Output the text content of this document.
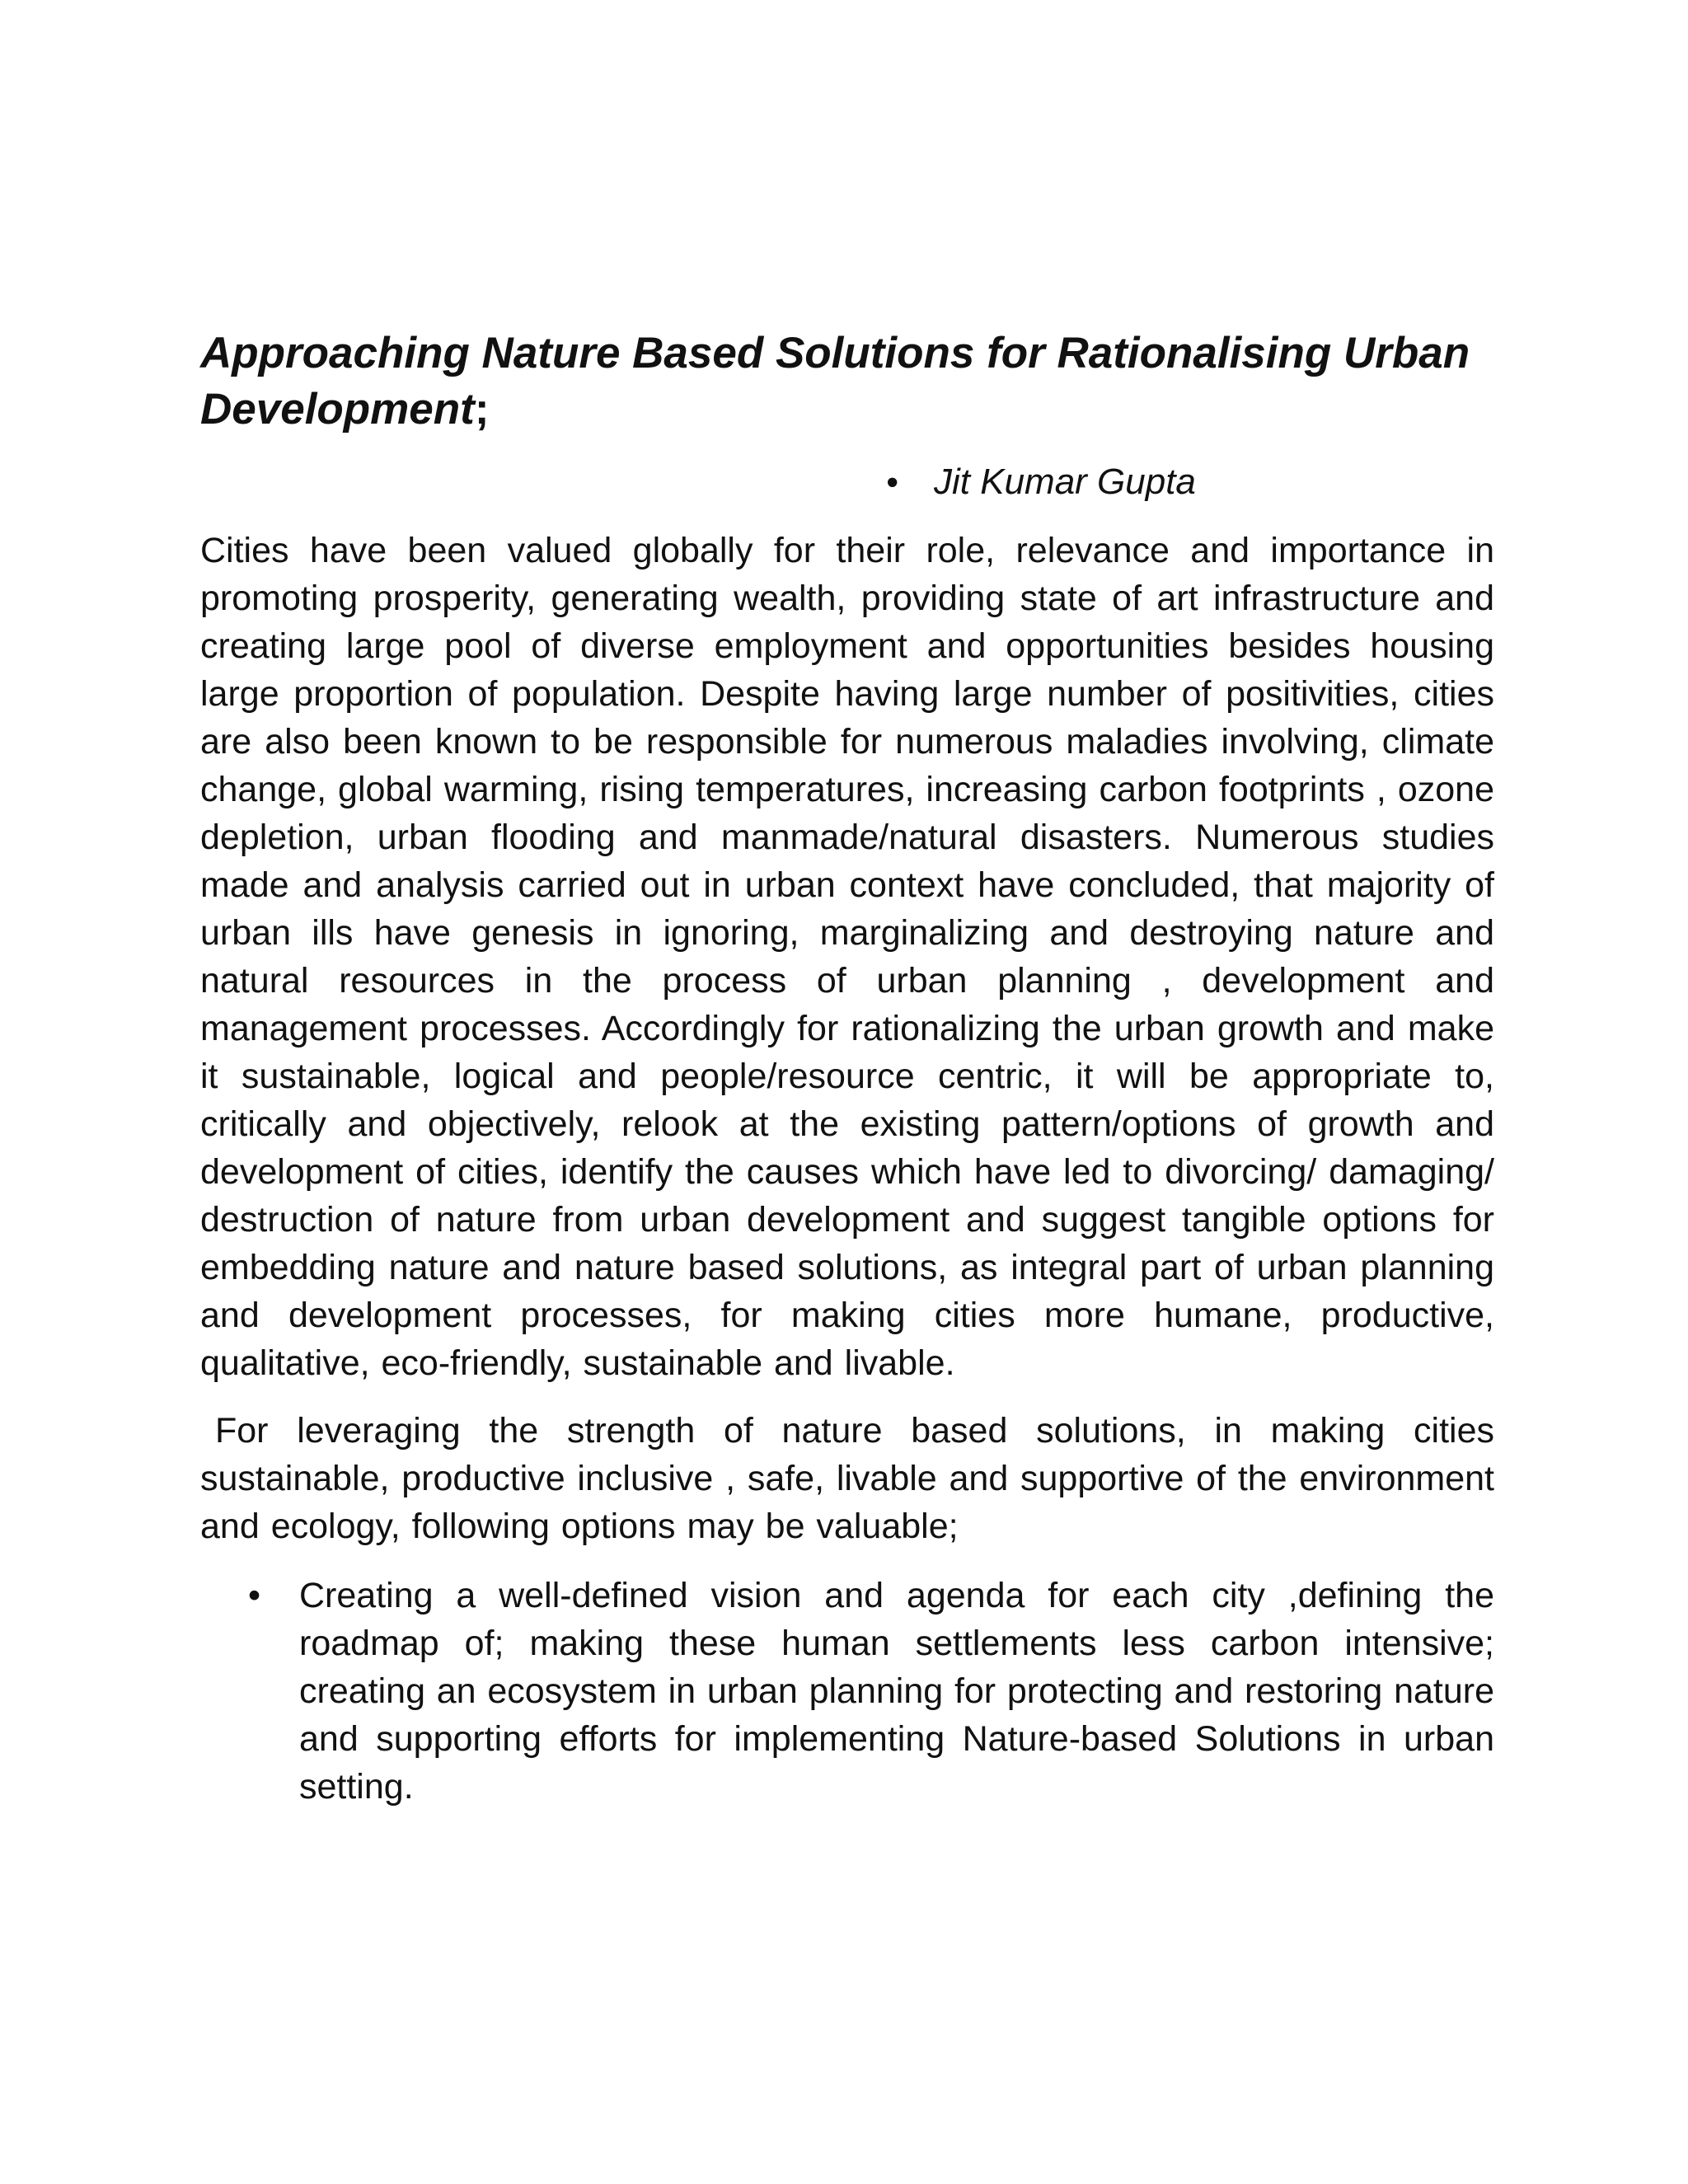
Approaching Nature Based Solutions for Rationalising Urban Development;
• Jit Kumar Gupta

Cities have been valued globally for their role, relevance and importance in promoting prosperity, generating wealth, providing state of art infrastructure and creating large pool of diverse employment and opportunities besides housing large proportion of population. Despite having large number of positivities, cities are also been known to be responsible for numerous maladies involving, climate change, global warming, rising temperatures, increasing carbon footprints , ozone depletion, urban flooding and manmade/natural disasters. Numerous studies made and analysis carried out in urban context have concluded, that majority of urban ills have genesis in ignoring, marginalizing and destroying nature and natural resources in the process of urban planning , development and management processes. Accordingly for rationalizing the urban growth and make it sustainable, logical and people/resource centric, it will be appropriate to, critically and objectively, relook at the existing pattern/options of growth and development of cities, identify the causes which have led to divorcing/ damaging/ destruction of nature from urban development and suggest tangible options for embedding nature and nature based solutions, as integral part of urban planning and development processes, for making cities more humane, productive, qualitative, eco-friendly, sustainable and livable.

For leveraging the strength of nature based solutions, in making cities sustainable, productive inclusive , safe, livable and supportive of the environment and ecology, following options may be valuable;

• Creating a well-defined vision and agenda for each city ,defining the roadmap of; making these human settlements less carbon intensive; creating an ecosystem in urban planning for protecting and restoring nature and supporting efforts for implementing Nature-based Solutions in urban setting.
